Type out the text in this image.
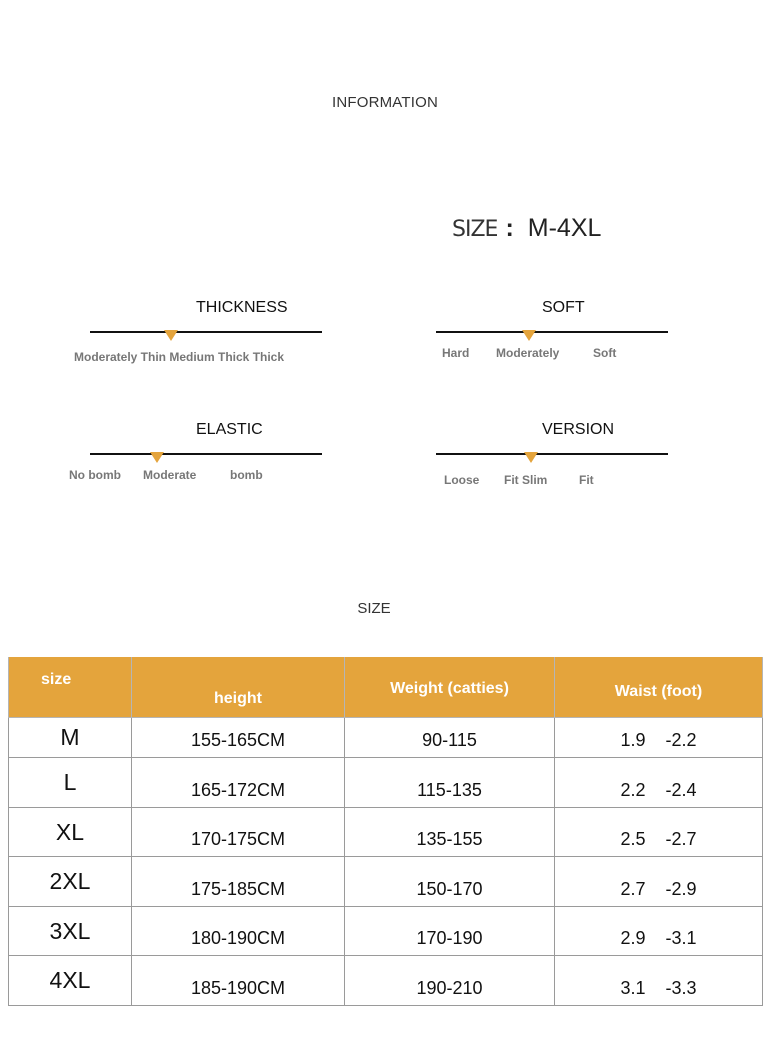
INFORMATION
SIZE : M-4XL
THICKNESS
Moderately Thin Medium Thick Thick
SOFT
Hard Moderately	Soft
ELASTIC
No bomb Moderate	bomb
VERSION
Loose Fit Slim	Fit
SIZE
size	height	Weight (catties)	Waist (foot)
M	155-165CM	90-115	1.9    -2.2
L	165-172CM	115-135	2.2    -2.4
XL	170-175CM	135-155	2.5    -2.7
2XL	175-185CM	150-170	2.7    -2.9
3XL	180-190CM	170-190	2.9    -3.1
4XL	185-190CM	190-210	3.1    -3.3
